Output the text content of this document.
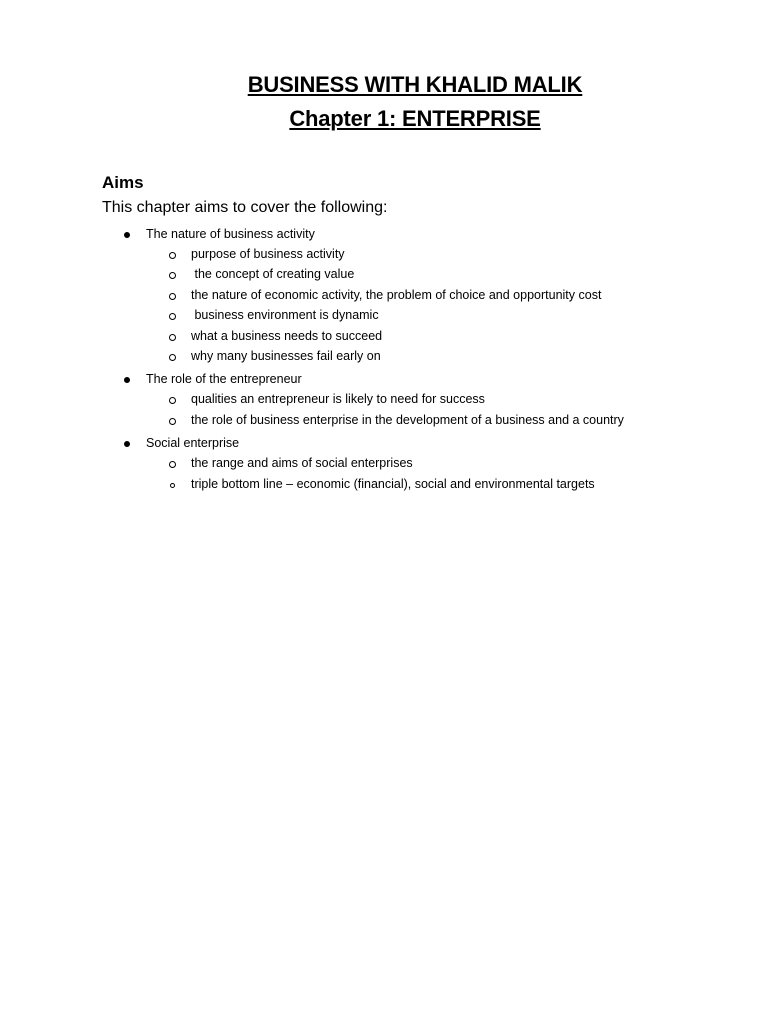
BUSINESS WITH KHALID MALIK
Chapter 1: ENTERPRISE
Aims

This chapter aims to cover the following:

The nature of business activity
purpose of business activity
the concept of creating value
the nature of economic activity, the problem of choice and opportunity cost
business environment is dynamic
what a business needs to succeed
why many businesses fail early on
The role of the entrepreneur
qualities an entrepreneur is likely to need for success
the role of business enterprise in the development of a business and a country
Social enterprise
the range and aims of social enterprises
triple bottom line – economic (financial), social and environmental targets
